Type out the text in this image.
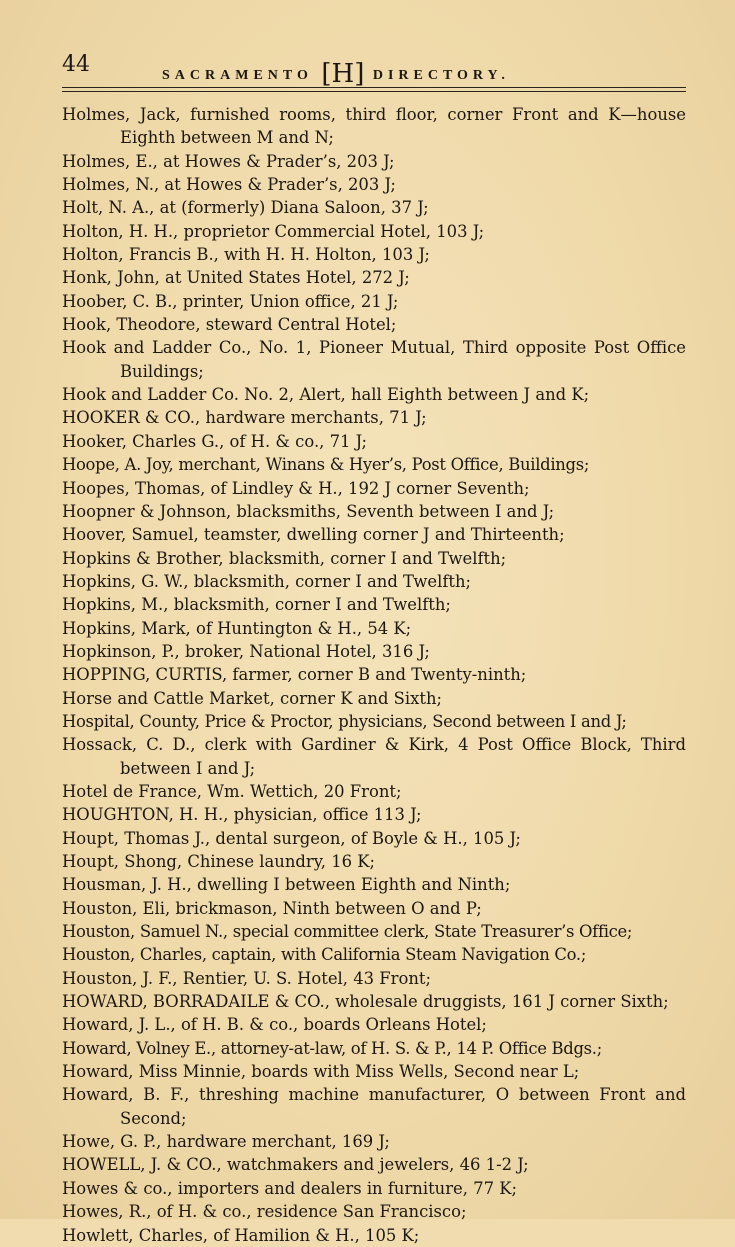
44	SACRAMENTO [H] DIRECTORY.
Holmes, Jack, furnished rooms, third floor, corner Front and K—house Eighth between M and N;
Holmes, E., at Howes & Prader’s, 203 J;
Holmes, N., at Howes & Prader’s, 203 J;
Holt, N. A., at (formerly) Diana Saloon, 37 J;
Holton, H. H., proprietor Commercial Hotel, 103 J;
Holton, Francis B., with H. H. Holton, 103 J;
Honk, John, at United States Hotel, 272 J;
Hoober, C. B., printer, Union office, 21 J;
Hook, Theodore, steward Central Hotel;
Hook and Ladder Co., No. 1, Pioneer Mutual, Third opposite Post Office Buildings;
Hook and Ladder Co. No. 2, Alert, hall Eighth between J and K;
HOOKER & CO., hardware merchants, 71 J;
Hooker, Charles G., of H. & co., 71 J;
Hoope, A. Joy, merchant, Winans & Hyer’s, Post Office, Buildings;
Hoopes, Thomas, of Lindley & H., 192 J corner Seventh;
Hoopner & Johnson, blacksmiths, Seventh between I and J;
Hoover, Samuel, teamster, dwelling corner J and Thirteenth;
Hopkins & Brother, blacksmith, corner I and Twelfth;
Hopkins, G. W., blacksmith, corner I and Twelfth;
Hopkins, M., blacksmith, corner I and Twelfth;
Hopkins, Mark, of Huntington & H., 54 K;
Hopkinson, P., broker, National Hotel, 316 J;
HOPPING, CURTIS, farmer, corner B and Twenty-ninth;
Horse and Cattle Market, corner K and Sixth;
Hospital, County, Price & Proctor, physicians, Second between I and J;
Hossack, C. D., clerk with Gardiner & Kirk, 4 Post Office Block, Third between I and J;
Hotel de France, Wm. Wettich, 20 Front;
HOUGHTON, H. H., physician, office 113 J;
Houpt, Thomas J., dental surgeon, of Boyle & H., 105 J;
Houpt, Shong, Chinese laundry, 16 K;
Housman, J. H., dwelling I between Eighth and Ninth;
Houston, Eli, brickmason, Ninth between O and P;
Houston, Samuel N., special committee clerk, State Treasurer’s Office;
Houston, Charles, captain, with California Steam Navigation Co.;
Houston, J. F., Rentier, U. S. Hotel, 43 Front;
HOWARD, BORRADAILE & CO., wholesale druggists, 161 J corner Sixth;
Howard, J. L., of H. B. & co., boards Orleans Hotel;
Howard, Volney E., attorney-at-law, of H. S. & P., 14 P. Office Bdgs.;
Howard, Miss Minnie, boards with Miss Wells, Second near L;
Howard, B. F., threshing machine manufacturer, O between Front and Second;
Howe, G. P., hardware merchant, 169 J;
HOWELL, J. & CO., watchmakers and jewelers, 46 1-2 J;
Howes & co., importers and dealers in furniture, 77 K;
Howes, R., of H. & co., residence San Francisco;
Howlett, Charles, of Hamilion & H., 105 K;
